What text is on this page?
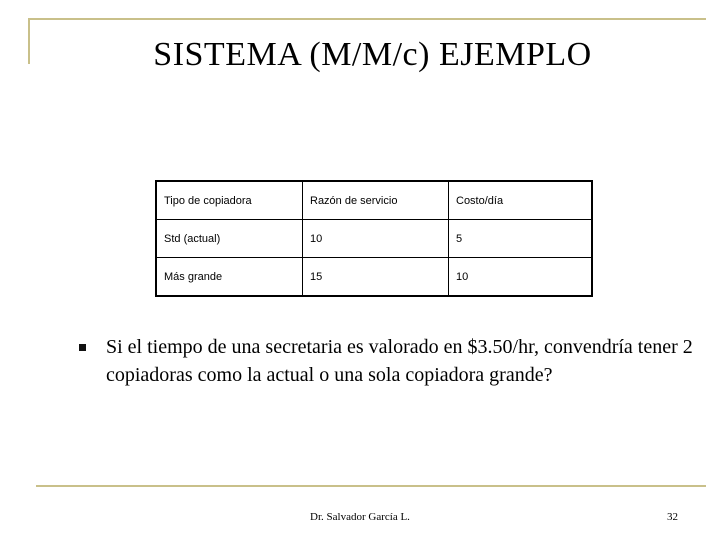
SISTEMA (M/M/c) EJEMPLO
Tipo de copiadora	Razón de servicio	Costo/día
Std (actual)	10	5
Más grande	15	10
Si el tiempo de una secretaria es valorado en $3.50/hr, convendría tener 2 copiadoras como la actual o una sola copiadora grande?
Dr. Salvador García L.	32
